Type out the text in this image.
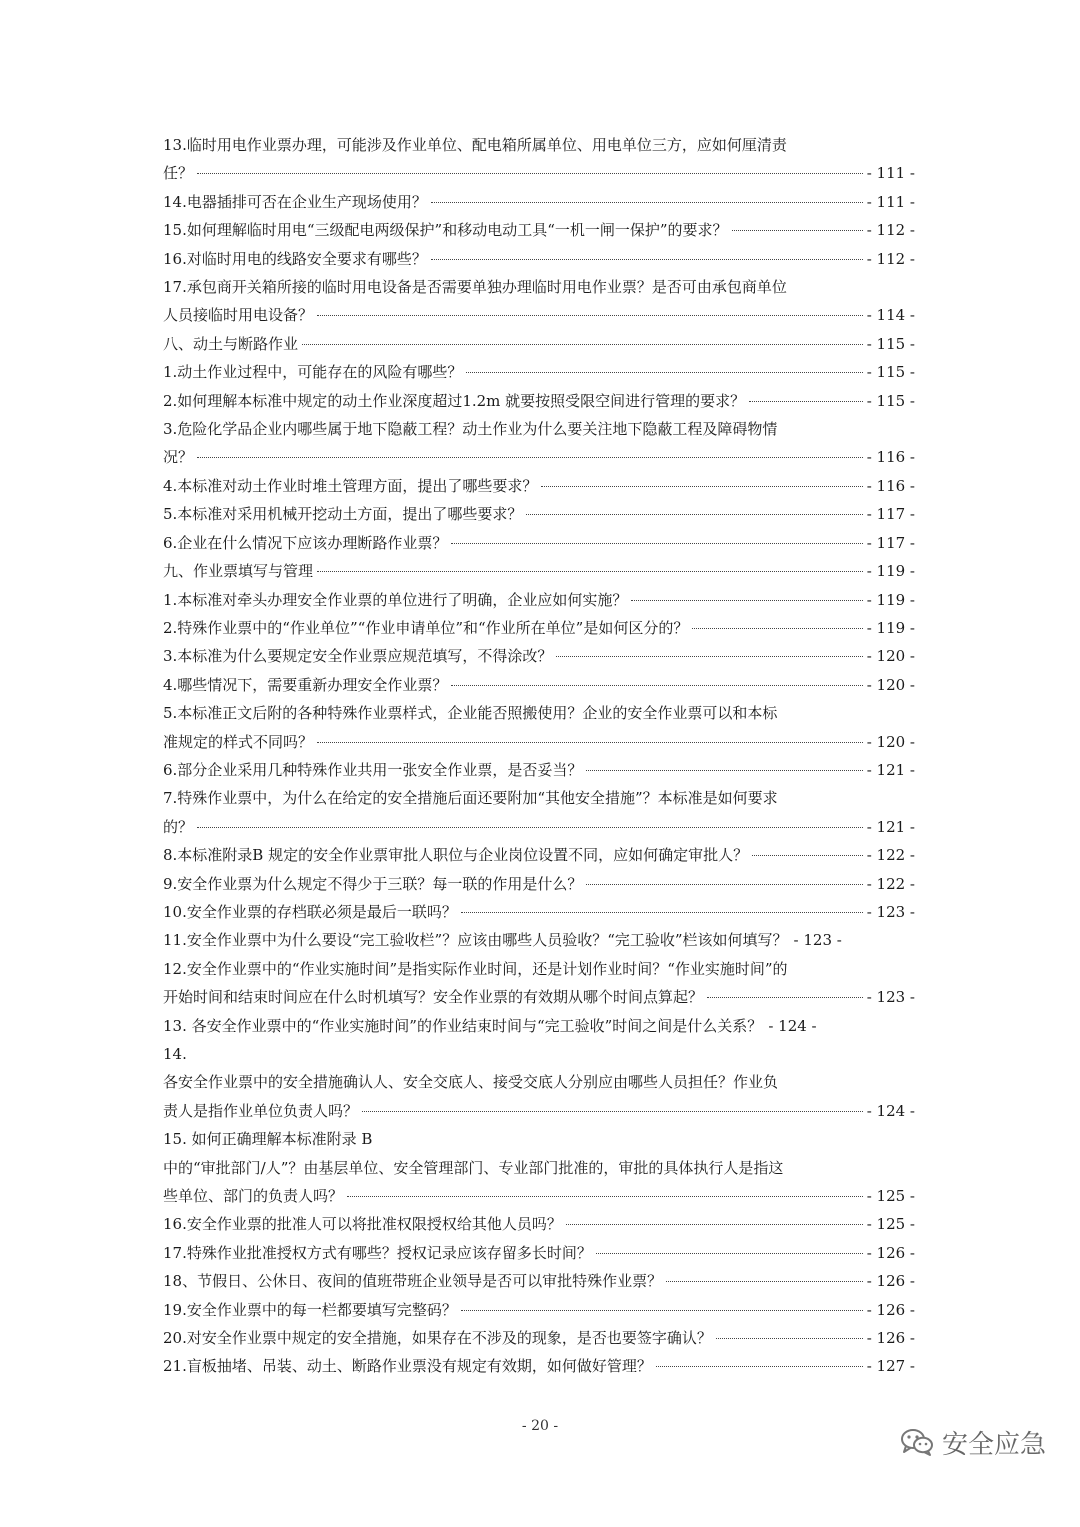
13.临时用电作业票办理，可能涉及作业单位、配电箱所属单位、用电单位三方，应如何厘清责
任？	- 111 -
14.电器插排可否在企业生产现场使用？	- 111 -
15.如何理解临时用电“三级配电两级保护”和移动电动工具“一机一闸一保护”的要求？	- 112 -
16.对临时用电的线路安全要求有哪些？	- 112 -
17.承包商开关箱所接的临时用电设备是否需要单独办理临时用电作业票？是否可由承包商单位
人员接临时用电设备？	- 114 -
八、动土与断路作业	- 115 -
1.动土作业过程中，可能存在的风险有哪些？	- 115 -
2.如何理解本标准中规定的动土作业深度超过1.2m 就要按照受限空间进行管理的要求？	- 115 -
3.危险化学品企业内哪些属于地下隐蔽工程？动土作业为什么要关注地下隐蔽工程及障碍物情
况？	- 116 -
4.本标准对动土作业时堆土管理方面，提出了哪些要求？	- 116 -
5.本标准对采用机械开挖动土方面，提出了哪些要求？	- 117 -
6.企业在什么情况下应该办理断路作业票？	- 117 -
九、作业票填写与管理	- 119 -
1.本标准对牵头办理安全作业票的单位进行了明确，企业应如何实施？	- 119 -
2.特殊作业票中的“作业单位”“作业申请单位”和“作业所在单位”是如何区分的？	- 119 -
3.本标准为什么要规定安全作业票应规范填写，不得涂改？	- 120 -
4.哪些情况下，需要重新办理安全作业票？	- 120 -
5.本标准正文后附的各种特殊作业票样式，企业能否照搬使用？企业的安全作业票可以和本标
准规定的样式不同吗？	- 120 -
6.部分企业采用几种特殊作业共用一张安全作业票，是否妥当？	- 121 -
7.特殊作业票中，为什么在给定的安全措施后面还要附加“其他安全措施”？本标准是如何要求
的？	- 121 -
8.本标准附录B 规定的安全作业票审批人职位与企业岗位设置不同，应如何确定审批人？	- 122 -
9.安全作业票为什么规定不得少于三联？每一联的作用是什么？	- 122 -
10.安全作业票的存档联必须是最后一联吗？	- 123 -
11.安全作业票中为什么要设“完工验收栏”？应该由哪些人员验收？“完工验收”栏该如何填写？ - 123 -
12.安全作业票中的“作业实施时间”是指实际作业时间，还是计划作业时间？“作业实施时间”的
开始时间和结束时间应在什么时机填写？安全作业票的有效期从哪个时间点算起？	- 123 -
13. 各安全作业票中的“作业实施时间”的作业结束时间与“完工验收”时间之间是什么关系？ - 124 -
14.
各安全作业票中的安全措施确认人、安全交底人、接受交底人分别应由哪些人员担任？作业负
责人是指作业单位负责人吗？	- 124 -
15. 如何正确理解本标准附录 B
中的“审批部门/人”？由基层单位、安全管理部门、专业部门批准的，审批的具体执行人是指这
些单位、部门的负责人吗？	- 125 -
16.安全作业票的批准人可以将批准权限授权给其他人员吗？	- 125 -
17.特殊作业批准授权方式有哪些？授权记录应该存留多长时间？	- 126 -
18、节假日、公休日、夜间的值班带班企业领导是否可以审批特殊作业票？	- 126 -
19.安全作业票中的每一栏都要填写完整码？	- 126 -
20.对安全作业票中规定的安全措施，如果存在不涉及的现象，是否也要签字确认？	- 126 -
21.盲板抽堵、吊装、动土、断路作业票没有规定有效期，如何做好管理？	- 127 -
- 20 -
安全应急
